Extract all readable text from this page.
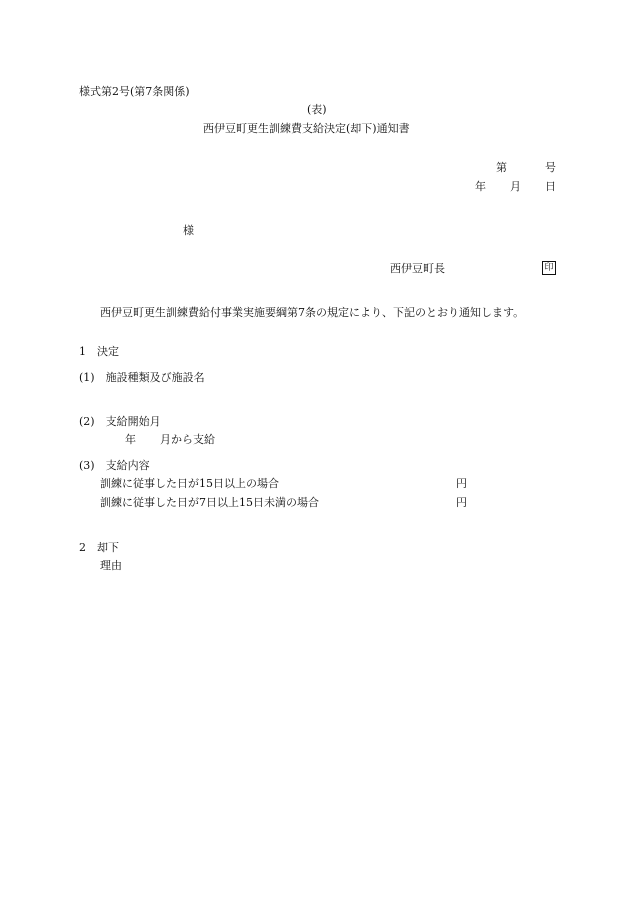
様式第2号(第7条関係)
(表)
西伊豆町更生訓練費支給決定(却下)通知書
第	号
年 月 日
様
西伊豆町長	印
西伊豆町更生訓練費給付事業実施要綱第7条の規定により、下記のとおり通知します。
1　決定
(1)　施設種類及び施設名
(2)　支給開始月
年 月から支給
(3)　支給内容
訓練に従事した日が15日以上の場合	円
訓練に従事した日が7日以上15日未満の場合	円
2　却下
理由
